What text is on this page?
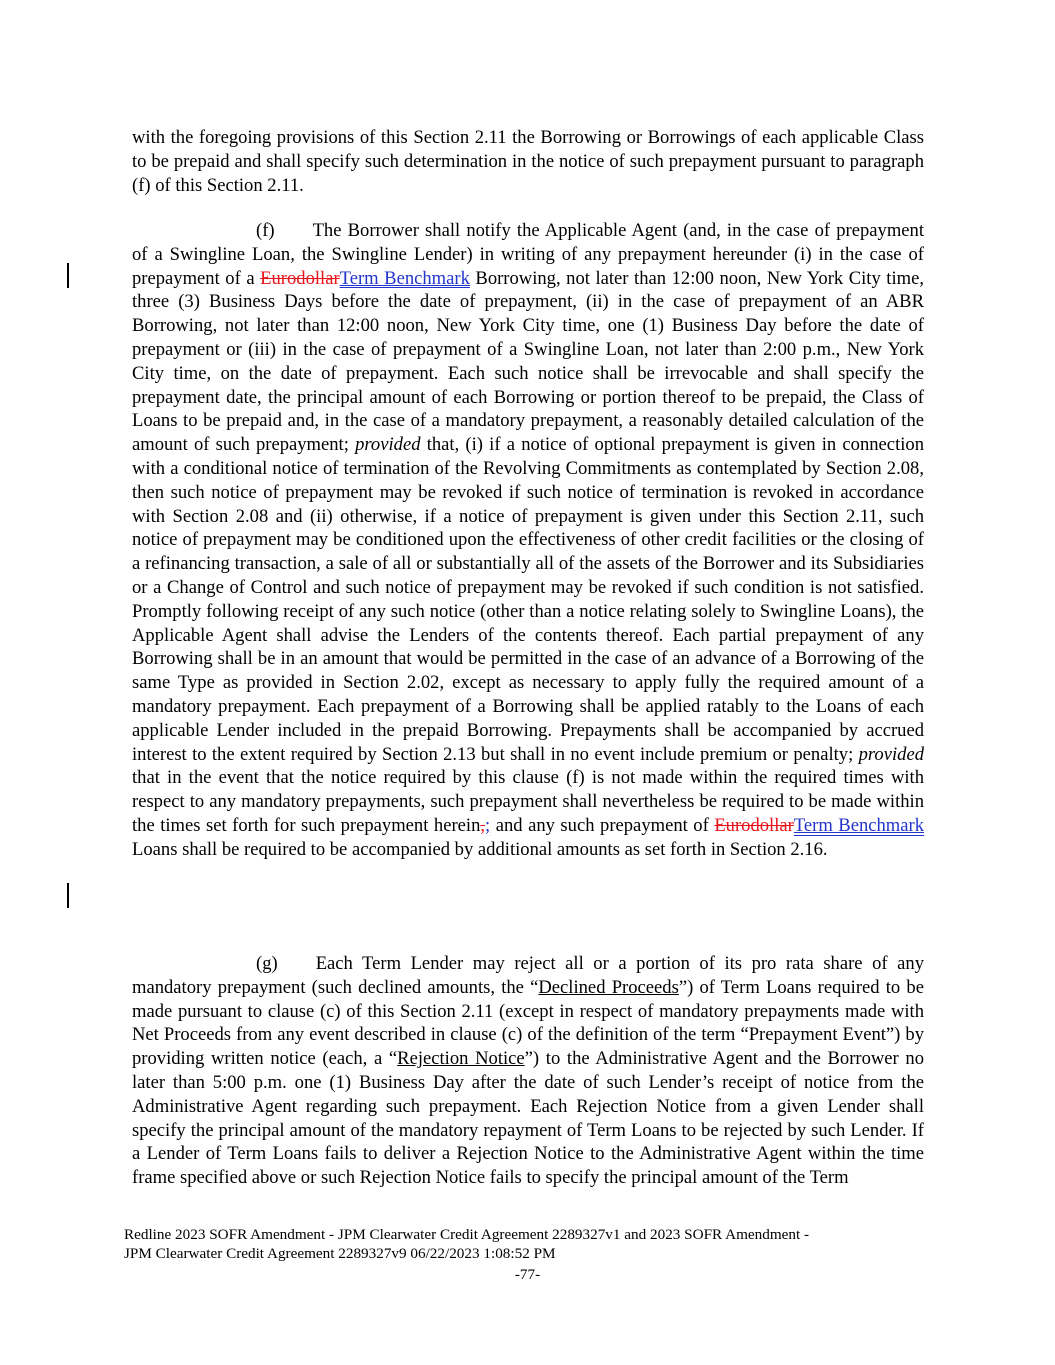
with the foregoing provisions of this Section 2.11 the Borrowing or Borrowings of each applicable Class to be prepaid and shall specify such determination in the notice of such prepayment pursuant to paragraph (f) of this Section 2.11.

(f) The Borrower shall notify the Applicable Agent (and, in the case of prepayment of a Swingline Loan, the Swingline Lender) in writing of any prepayment hereunder (i) in the case of prepayment of a EurodollarTerm Benchmark Borrowing, not later than 12:00 noon, New York City time, three (3) Business Days before the date of prepayment, (ii) in the case of prepayment of an ABR Borrowing, not later than 12:00 noon, New York City time, one (1) Business Day before the date of prepayment or (iii) in the case of prepayment of a Swingline Loan, not later than 2:00 p.m., New York City time, on the date of prepayment. Each such notice shall be irrevocable and shall specify the prepayment date, the principal amount of each Borrowing or portion thereof to be prepaid, the Class of Loans to be prepaid and, in the case of a mandatory prepayment, a reasonably detailed calculation of the amount of such prepayment; provided that, (i) if a notice of optional prepayment is given in connection with a conditional notice of termination of the Revolving Commitments as contemplated by Section 2.08, then such notice of prepayment may be revoked if such notice of termination is revoked in accordance with Section 2.08 and (ii) otherwise, if a notice of prepayment is given under this Section 2.11, such notice of prepayment may be conditioned upon the effectiveness of other credit facilities or the closing of a refinancing transaction, a sale of all or substantially all of the assets of the Borrower and its Subsidiaries or a Change of Control and such notice of prepayment may be revoked if such condition is not satisfied. Promptly following receipt of any such notice (other than a notice relating solely to Swingline Loans), the Applicable Agent shall advise the Lenders of the contents thereof. Each partial prepayment of any Borrowing shall be in an amount that would be permitted in the case of an advance of a Borrowing of the same Type as provided in Section 2.02, except as necessary to apply fully the required amount of a mandatory prepayment. Each prepayment of a Borrowing shall be applied ratably to the Loans of each applicable Lender included in the prepaid Borrowing. Prepayments shall be accompanied by accrued interest to the extent required by Section 2.13 but shall in no event include premium or penalty; provided that in the event that the notice required by this clause (f) is not made within the required times with respect to any mandatory prepayments, such prepayment shall nevertheless be required to be made within the times set forth for such prepayment herein,; and any such prepayment of EurodollarTerm Benchmark Loans shall be required to be accompanied by additional amounts as set forth in Section 2.16.

(g) Each Term Lender may reject all or a portion of its pro rata share of any mandatory prepayment (such declined amounts, the “Declined Proceeds”) of Term Loans required to be made pursuant to clause (c) of this Section 2.11 (except in respect of mandatory prepayments made with Net Proceeds from any event described in clause (c) of the definition of the term “Prepayment Event”) by providing written notice (each, a “Rejection Notice”) to the Administrative Agent and the Borrower no later than 5:00 p.m. one (1) Business Day after the date of such Lender’s receipt of notice from the Administrative Agent regarding such prepayment. Each Rejection Notice from a given Lender shall specify the principal amount of the mandatory repayment of Term Loans to be rejected by such Lender. If a Lender of Term Loans fails to deliver a Rejection Notice to the Administrative Agent within the time frame specified above or such Rejection Notice fails to specify the principal amount of the Term

Redline 2023 SOFR Amendment - JPM Clearwater Credit Agreement 2289327v1 and 2023 SOFR Amendment -
JPM Clearwater Credit Agreement 2289327v9 06/22/2023 1:08:52 PM
-77-
